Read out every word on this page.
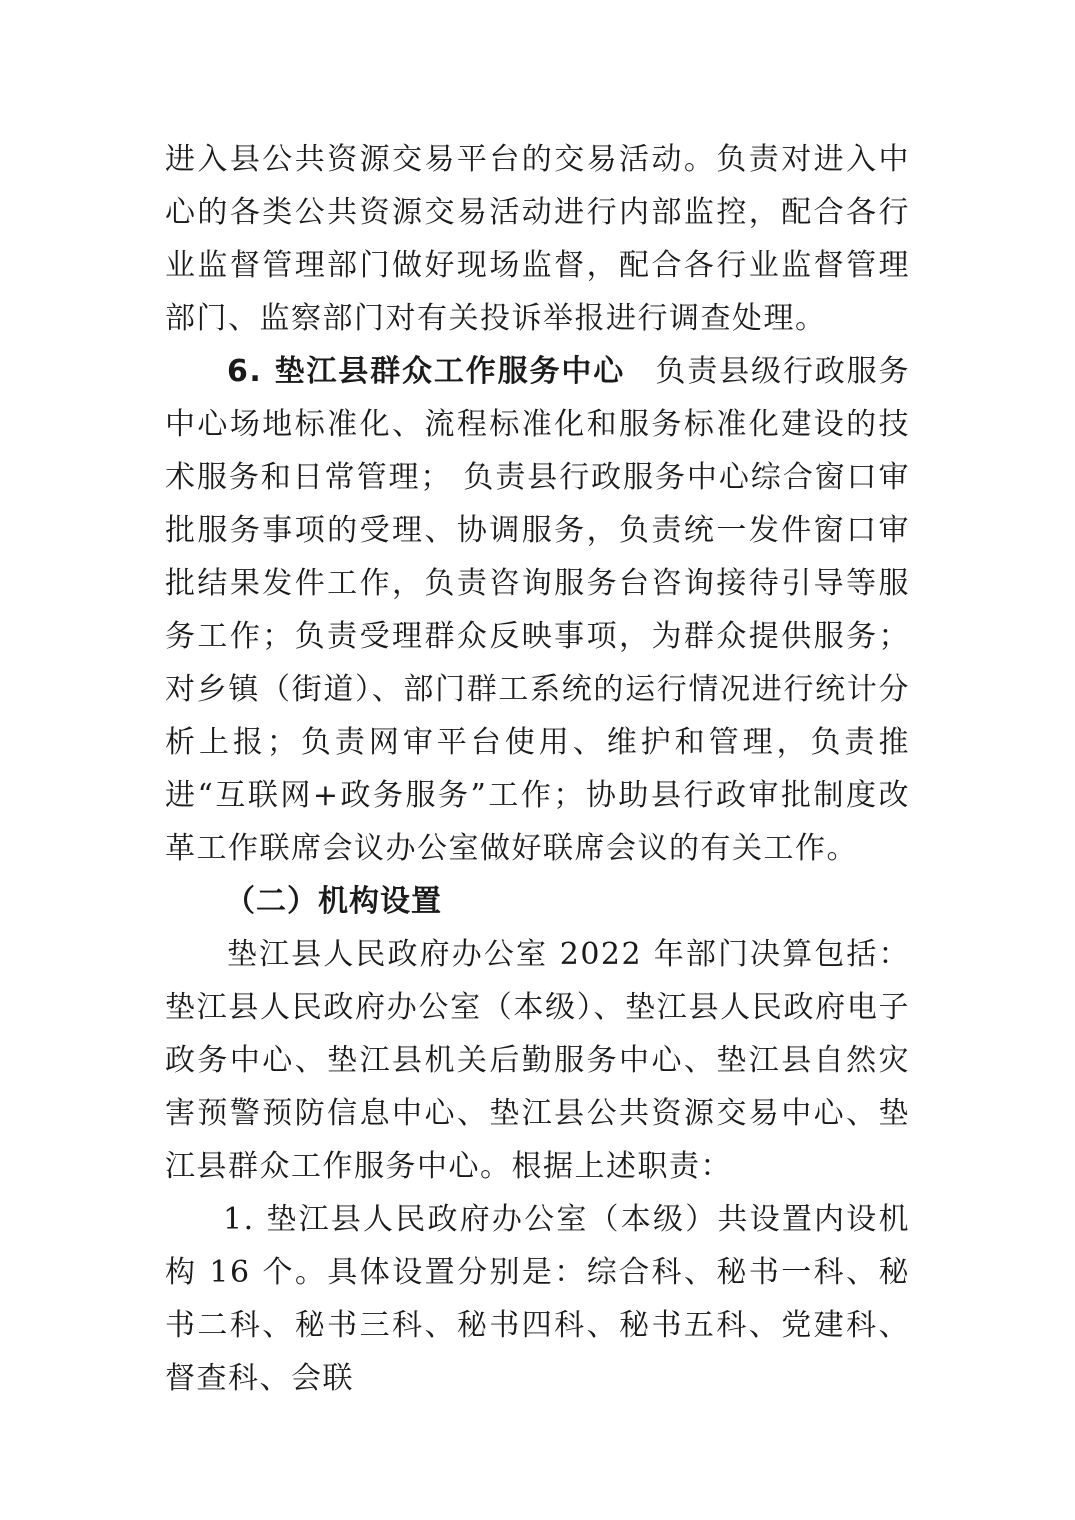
进入县公共资源交易平台的交易活动。负责对进入中心的各类公共资源交易活动进行内部监控，配合各行业监督管理部门做好现场监督，配合各行业监督管理部门、监察部门对有关投诉举报进行调查处理。

6. 垫江县群众工作服务中心 负责县级行政服务中心场地标准化、流程标准化和服务标准化建设的技术服务和日常管理； 负责县行政服务中心综合窗口审批服务事项的受理、协调服务，负责统一发件窗口审批结果发件工作，负责咨询服务台咨询接待引导等服务工作；负责受理群众反映事项，为群众提供服务；对乡镇（街道）、部门群工系统的运行情况进行统计分析上报；负责网审平台使用、维护和管理，负责推进“互联网+政务服务”工作；协助县行政审批制度改革工作联席会议办公室做好联席会议的有关工作。

（二）机构设置

垫江县人民政府办公室 2022 年部门决算包括：垫江县人民政府办公室（本级）、垫江县人民政府电子政务中心、垫江县机关后勤服务中心、垫江县自然灾害预警预防信息中心、垫江县公共资源交易中心、垫江县群众工作服务中心。根据上述职责：

1. 垫江县人民政府办公室（本级）共设置内设机构 16 个。具体设置分别是：综合科、秘书一科、秘书二科、秘书三科、秘书四科、秘书五科、党建科、督查科、会联
